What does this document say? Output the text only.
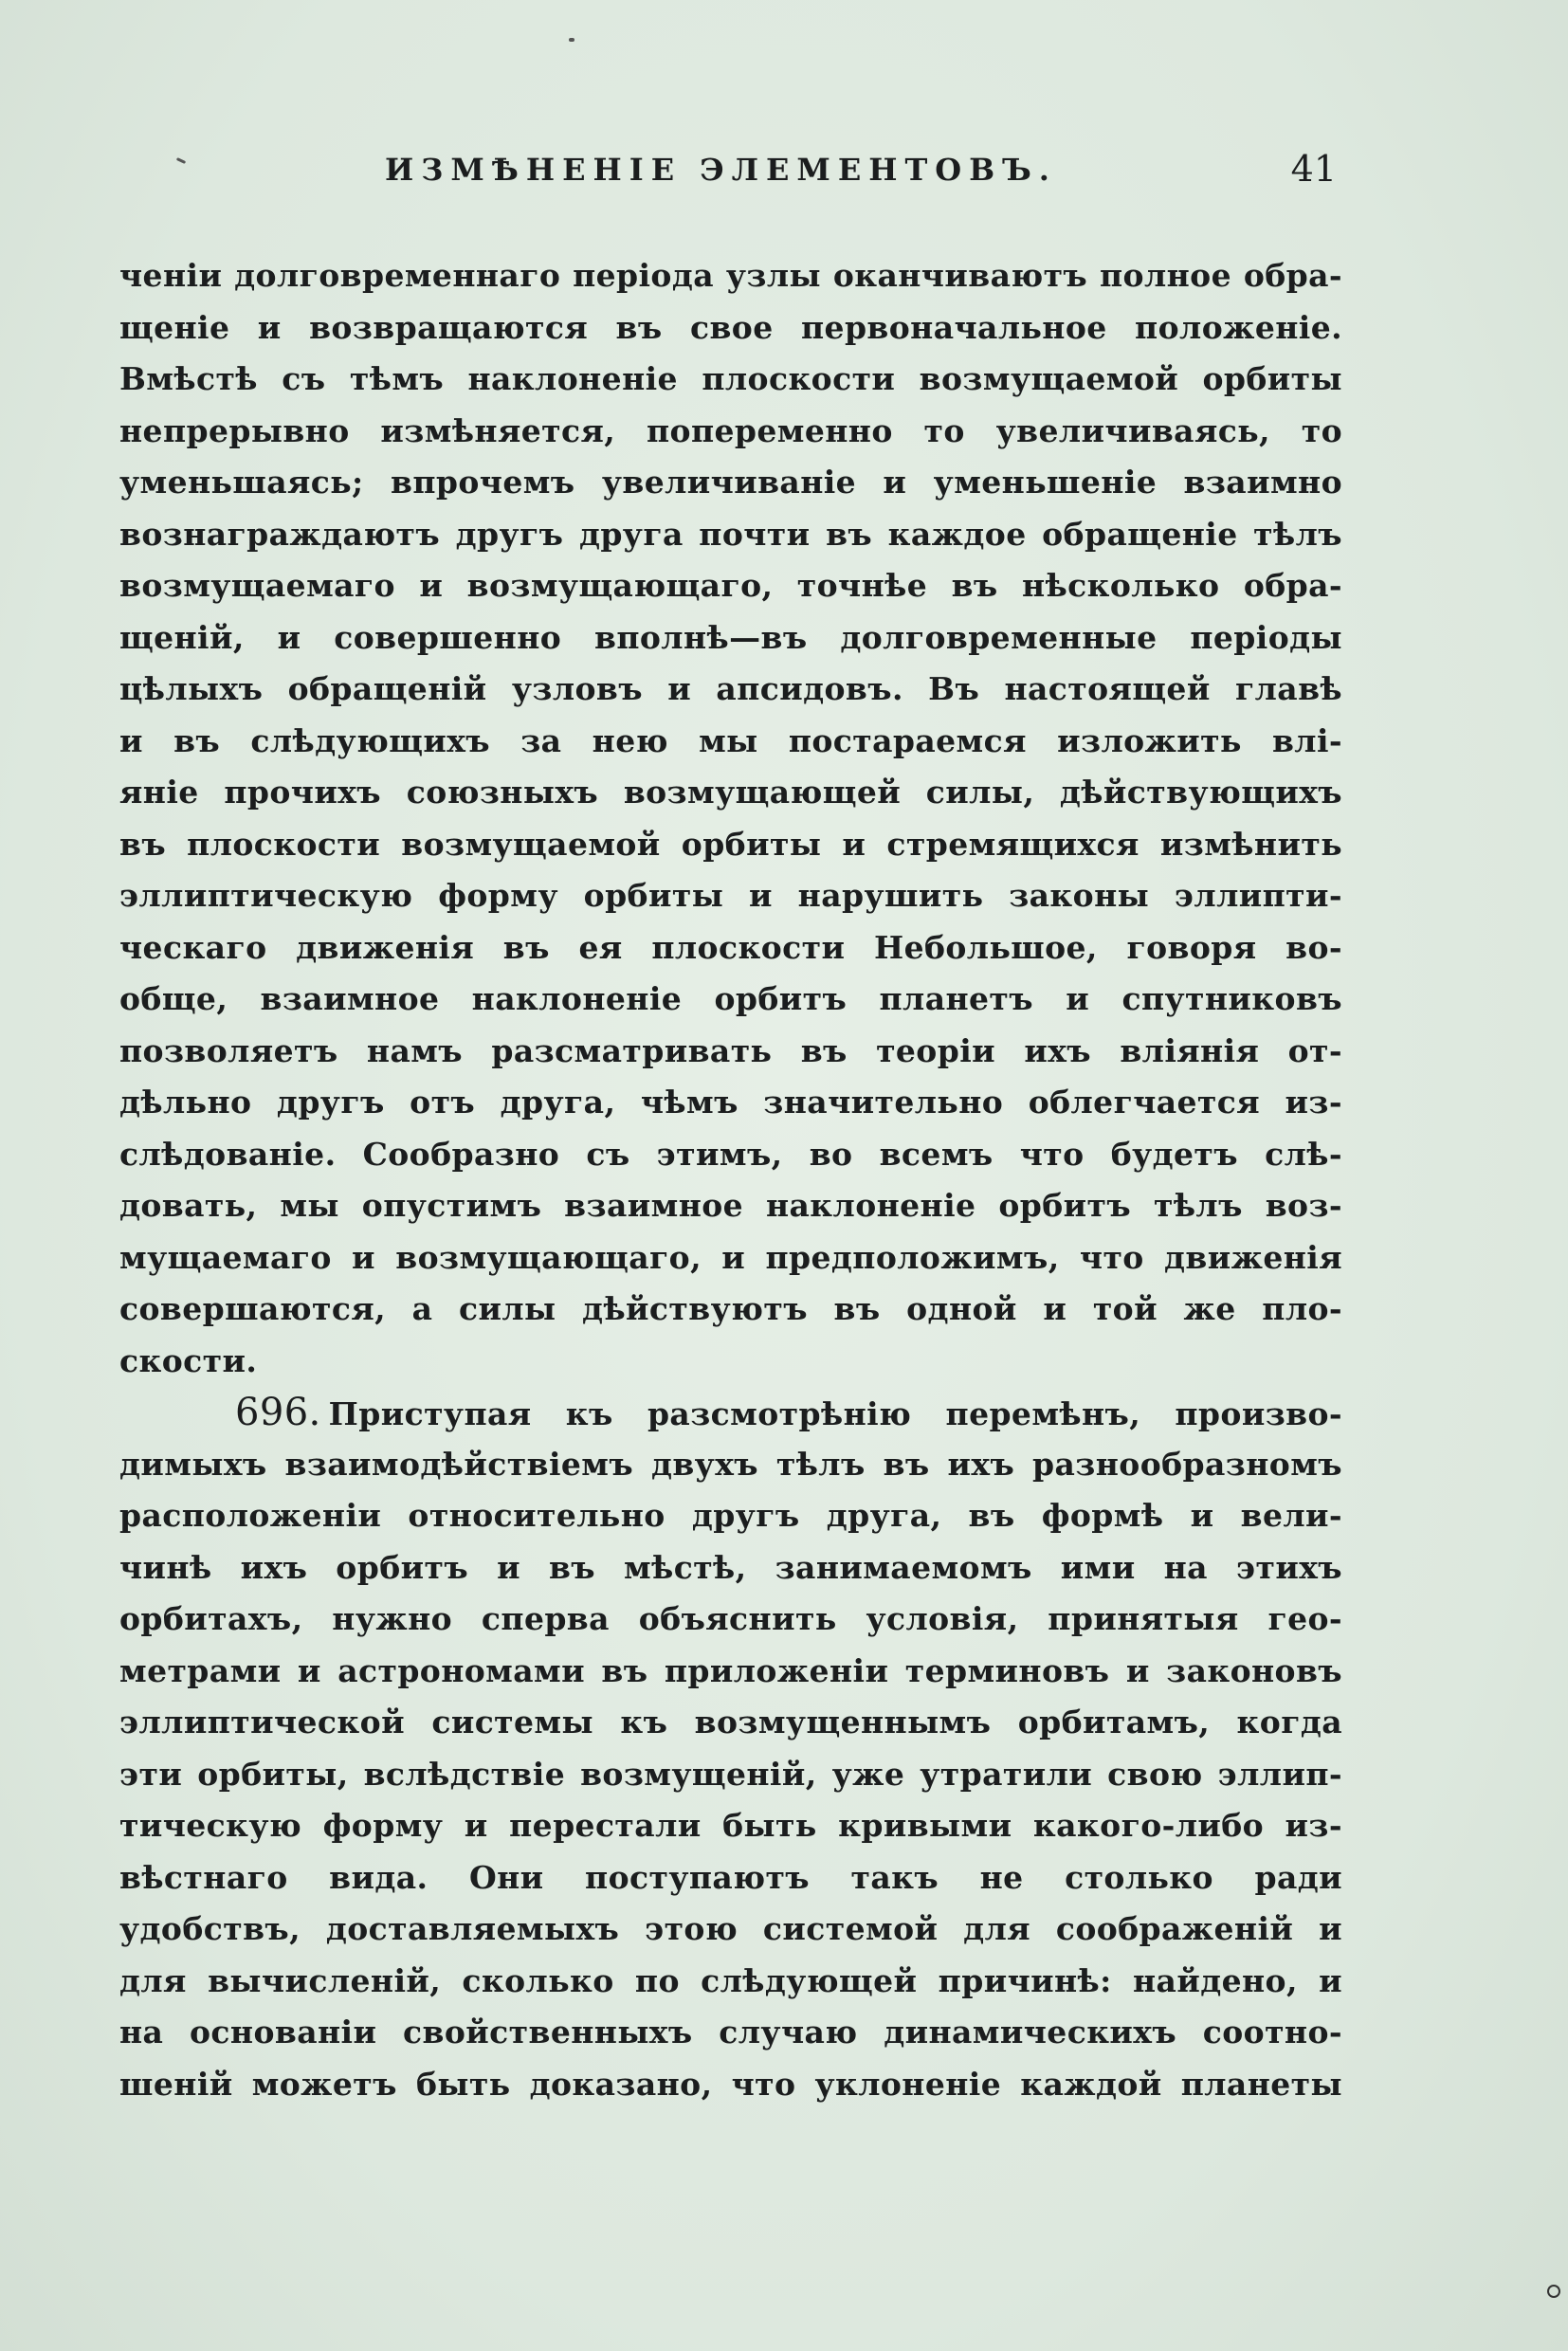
ИЗМѢНЕНІЕ ЭЛЕМЕНТОВЪ.	41
ченіи долговременнаго періода узлы оканчиваютъ полное обра-
щеніе и возвращаются въ свое первоначальное положеніе.
Вмѣстѣ съ тѣмъ наклоненіе плоскости возмущаемой орбиты
непрерывно измѣняется, попеременно то увеличиваясь, то
уменьшаясь; впрочемъ увеличиваніе и уменьшеніе взаимно
вознаграждаютъ другъ друга почти въ каждое обращеніе тѣлъ
возмущаемаго и возмущающаго, точнѣе въ нѣсколько обра-
щеній, и совершенно вполнѣ—въ долговременные періоды
цѣлыхъ обращеній узловъ и апсидовъ. Въ настоящей главѣ
и въ слѣдующихъ за нею мы постараемся изложить влі-
яніе прочихъ союзныхъ возмущающей силы, дѣйствующихъ
въ плоскости возмущаемой орбиты и стремящихся измѣнить
эллиптическую форму орбиты и нарушить законы эллипти-
ческаго движенія въ ея плоскости Небольшое, говоря во-
обще, взаимное наклоненіе орбитъ планетъ и спутниковъ
позволяетъ намъ разсматривать въ теоріи ихъ вліянія от-
дѣльно другъ отъ друга, чѣмъ значительно облегчается из-
слѣдованіе. Сообразно съ этимъ, во всемъ что будетъ слѣ-
довать, мы опустимъ взаимное наклоненіе орбитъ тѣлъ воз-
мущаемаго и возмущающаго, и предположимъ, что движенія
совершаются, а силы дѣйствуютъ въ одной и той же пло-
скости.
696. Приступая къ разсмотрѣнію перемѣнъ, произво-
димыхъ взаимодѣйствіемъ двухъ тѣлъ въ ихъ разнообразномъ
расположеніи относительно другъ друга, въ формѣ и вели-
чинѣ ихъ орбитъ и въ мѣстѣ, занимаемомъ ими на этихъ
орбитахъ, нужно сперва объяснить условія, принятыя гео-
метрами и астрономами въ приложеніи терминовъ и законовъ
эллиптической системы къ возмущеннымъ орбитамъ, когда
эти орбиты, вслѣдствіе возмущеній, уже утратили свою эллип-
тическую форму и перестали быть кривыми какого-либо из-
вѣстнаго вида. Они поступаютъ такъ не столько ради
удобствъ, доставляемыхъ этою системой для соображеній и
для вычисленій, сколько по слѣдующей причинѣ: найдено, и
на основаніи свойственныхъ случаю динамическихъ соотно-
шеній можетъ быть доказано, что уклоненіе каждой планеты
